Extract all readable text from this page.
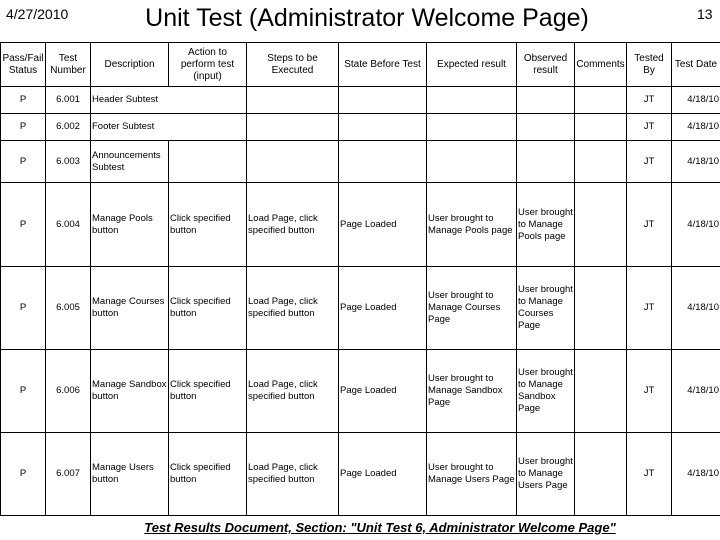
4/27/2010	Unit Test (Administrator Welcome Page)	13
Pass/Fail Status	Test Number	Description	Action to perform test (input)	Steps to be Executed	State Before Test	Expected result	Observed result	Comments	Tested By	Test Date
P	6.001	Header Subtest							JT	4/18/10
P	6.002	Footer Subtest							JT	4/18/10
P	6.003	Announcements Subtest							JT	4/18/10
P	6.004	Manage Pools button	Click specified button	Load Page, click specified button	Page Loaded	User brought to Manage Pools page	User brought to Manage Pools page		JT	4/18/10
P	6.005	Manage Courses button	Click specified button	Load Page, click specified button	Page Loaded	User brought to Manage Courses Page	User brought to Manage Courses Page		JT	4/18/10
P	6.006	Manage Sandbox button	Click specified button	Load Page, click specified button	Page Loaded	User brought to Manage Sandbox Page	User brought to Manage Sandbox Page		JT	4/18/10
P	6.007	Manage Users button	Click specified button	Load Page, click specified button	Page Loaded	User brought to Manage Users Page	User brought to Manage Users Page		JT	4/18/10
Test Results Document, Section: "Unit Test 6, Administrator Welcome Page"
